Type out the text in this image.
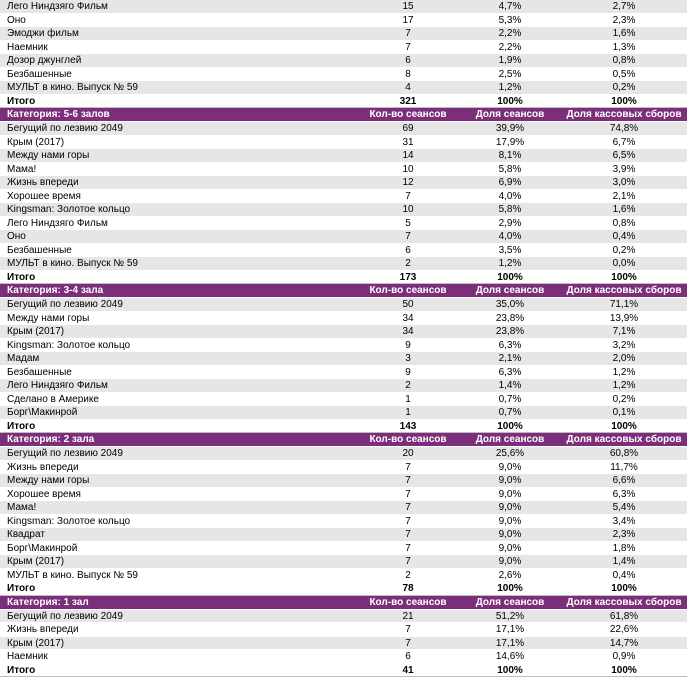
Лего Ниндзяго Фильм	15	4,7%	2,7%
Оно	17	5,3%	2,3%
Эмоджи фильм	7	2,2%	1,6%
Наемник	7	2,2%	1,3%
Дозор джунглей	6	1,9%	0,8%
Безбашенные	8	2,5%	0,5%
МУЛЬТ в кино. Выпуск № 59	4	1,2%	0,2%
Итого	321	100%	100%
Категория: 5-6 залов	Кол-во сеансов	Доля сеансов	Доля кассовых сборов
Бегущий по лезвию 2049	69	39,9%	74,8%
Крым (2017)	31	17,9%	6,7%
Между нами горы	14	8,1%	6,5%
Мама!	10	5,8%	3,9%
Жизнь впереди	12	6,9%	3,0%
Хорошее время	7	4,0%	2,1%
Kingsman: Золотое кольцо	10	5,8%	1,6%
Лего Ниндзяго Фильм	5	2,9%	0,8%
Оно	7	4,0%	0,4%
Безбашенные	6	3,5%	0,2%
МУЛЬТ в кино. Выпуск № 59	2	1,2%	0,0%
Итого	173	100%	100%
Категория: 3-4 зала	Кол-во сеансов	Доля сеансов	Доля кассовых сборов
Бегущий по лезвию 2049	50	35,0%	71,1%
Между нами горы	34	23,8%	13,9%
Крым (2017)	34	23,8%	7,1%
Kingsman: Золотое кольцо	9	6,3%	3,2%
Мадам	3	2,1%	2,0%
Безбашенные	9	6,3%	1,2%
Лего Ниндзяго Фильм	2	1,4%	1,2%
Сделано в Америке	1	0,7%	0,2%
Борг\Макинрой	1	0,7%	0,1%
Итого	143	100%	100%
Категория: 2 зала	Кол-во сеансов	Доля сеансов	Доля кассовых сборов
Бегущий по лезвию 2049	20	25,6%	60,8%
Жизнь впереди	7	9,0%	11,7%
Между нами горы	7	9,0%	6,6%
Хорошее время	7	9,0%	6,3%
Мама!	7	9,0%	5,4%
Kingsman: Золотое кольцо	7	9,0%	3,4%
Квадрат	7	9,0%	2,3%
Борг\Макинрой	7	9,0%	1,8%
Крым (2017)	7	9,0%	1,4%
МУЛЬТ в кино. Выпуск № 59	2	2,6%	0,4%
Итого	78	100%	100%
Категория: 1 зал	Кол-во сеансов	Доля сеансов	Доля кассовых сборов
Бегущий по лезвию 2049	21	51,2%	61,8%
Жизнь впереди	7	17,1%	22,6%
Крым (2017)	7	17,1%	14,7%
Наемник	6	14,6%	0,9%
Итого	41	100%	100%
